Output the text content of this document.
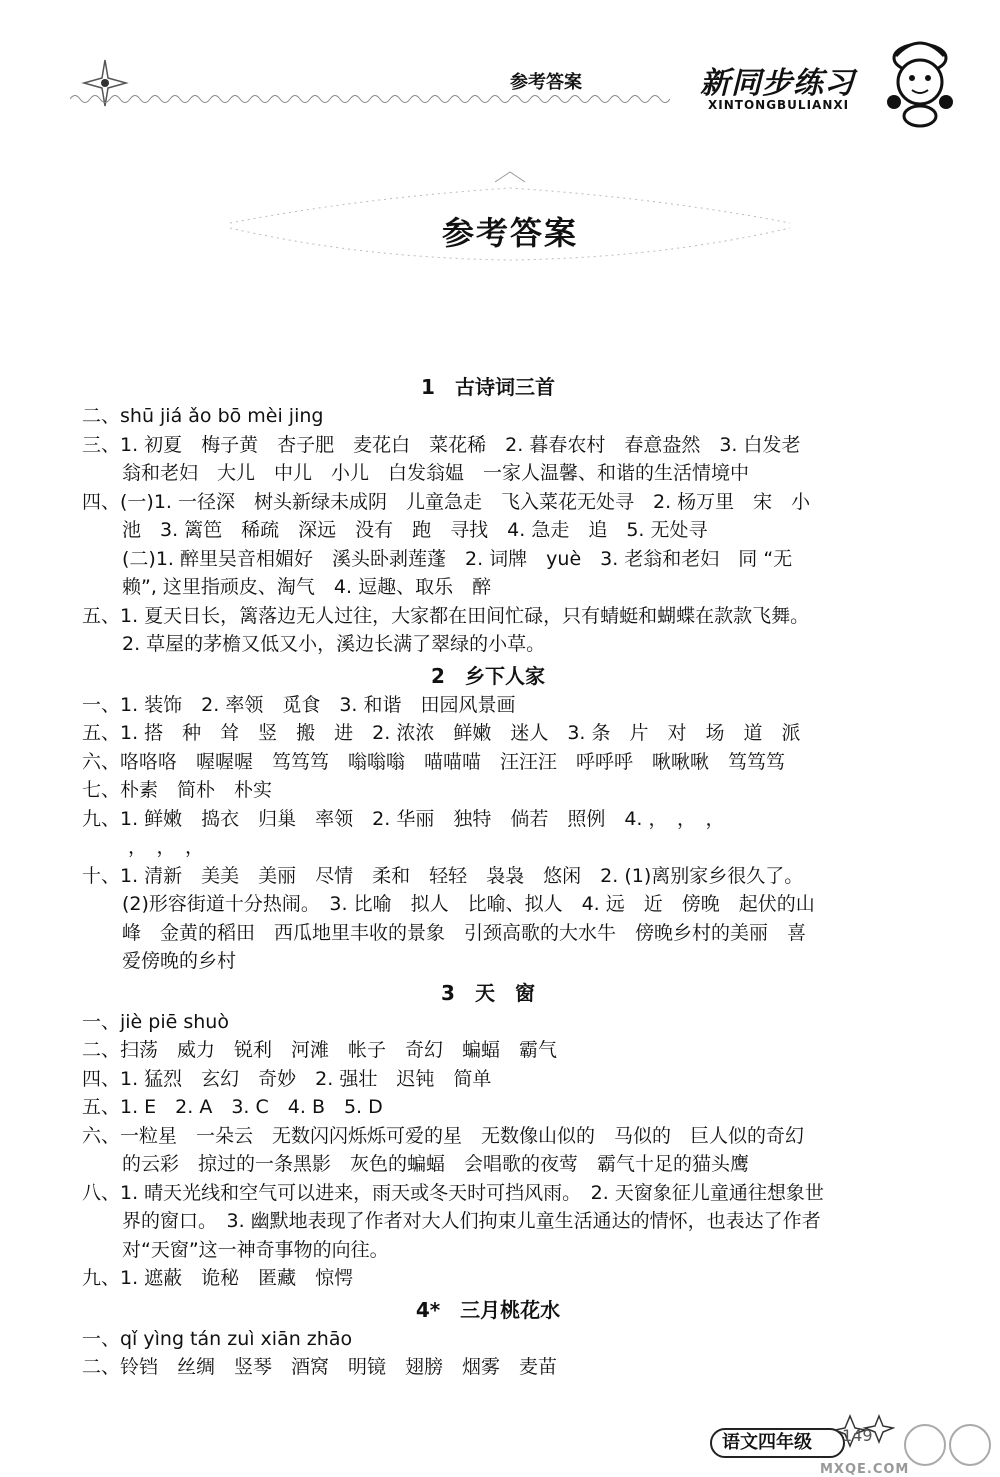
参考答案	新同步练习
XINTONGBULIANXI
参考答案
1　古诗词三首
二、shū jiá ǎo bō mèi jing
三、1. 初夏　梅子黄　杏子肥　麦花白　菜花稀　2. 暮春农村　春意盎然　3. 白发老
翁和老妇　大儿　中儿　小儿　白发翁媪　一家人温馨、和谐的生活情境中
四、(一)1. 一径深　树头新绿未成阴　儿童急走　飞入菜花无处寻　2. 杨万里　宋　小
池　3. 篱笆　稀疏　深远　没有　跑　寻找　4. 急走　追　5. 无处寻
(二)1. 醉里吴音相媚好　溪头卧剥莲蓬　2. 词牌　yuè　3. 老翁和老妇　同 “无
赖”, 这里指顽皮、淘气　4. 逗趣、取乐　醉
五、1. 夏天日长，篱落边无人过往，大家都在田间忙碌，只有蜻蜓和蝴蝶在款款飞舞。
2. 草屋的茅檐又低又小，溪边长满了翠绿的小草。
2　乡下人家
一、1. 装饰　2. 率领　觅食　3. 和谐　田园风景画
五、1. 搭　种　耸　竖　搬　进　2. 浓浓　鲜嫩　迷人　3. 条　片　对　场　道　派
六、咯咯咯　喔喔喔　笃笃笃　嗡嗡嗡　喵喵喵　汪汪汪　呼呼呼　啾啾啾　笃笃笃
七、朴素　简朴　朴实
九、1. 鲜嫩　捣衣　归巢　率领　2. 华丽　独特　倘若　照例　4. ，　，　，
，　，　，
十、1. 清新　美美　美丽　尽情　柔和　轻轻　袅袅　悠闲　2. (1)离别家乡很久了。
(2)形容街道十分热闹。　3. 比喻　拟人　比喻、拟人　4. 远　近　傍晚　起伏的山
峰　金黄的稻田　西瓜地里丰收的景象　引颈高歌的大水牛　傍晚乡村的美丽　喜
爱傍晚的乡村
3　天　窗
一、jiè piē shuò
二、扫荡　威力　锐利　河滩　帐子　奇幻　蝙蝠　霸气
四、1. 猛烈　玄幻　奇妙　2. 强壮　迟钝　简单
五、1. E　2. A　3. C　4. B　5. D
六、一粒星　一朵云　无数闪闪烁烁可爱的星　无数像山似的　马似的　巨人似的奇幻
的云彩　掠过的一条黑影　灰色的蝙蝠　会唱歌的夜莺　霸气十足的猫头鹰
八、1. 晴天光线和空气可以进来，雨天或冬天时可挡风雨。　2. 天窗象征儿童通往想象世
界的窗口。　3. 幽默地表现了作者对大人们拘束儿童生活通达的情怀，也表达了作者
对“天窗”这一神奇事物的向往。
九、1. 遮蔽　诡秘　匿藏　惊愕
4*　三月桃花水
一、qǐ yìng tán zuì xiān zhāo
二、铃铛　丝绸　竖琴　酒窝　明镜　翅膀　烟雾　麦苗
语文四年级	149
MXQE.COM
